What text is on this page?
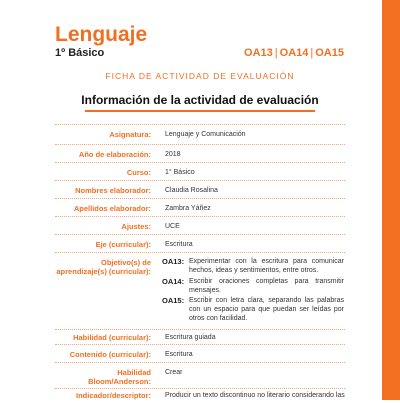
Lenguaje
1º Básico	OA13 | OA14 | OA15
FICHA DE ACTIVIDAD DE EVALUACIÓN
Información de la actividad de evaluación
Asignatura: Lenguaje y Comunicación
Año de elaboración: 2018
Curso: 1° Básico
Nombres elaborador: Claudia Rosalina
Apellidos elaborador: Zambra Yáñez
Ajustes: UCE
Eje (curricular): Escritura
Objetivo(s) de aprendizaje(s) (curricular):
OA13: Experimentar con la escritura para comunicar hechos, ideas y sentimientos, entre otros.
OA14: Escribir oraciones completas para transmitir mensajes.
OA15: Escribir con letra clara, separando las palabras con un espacio para que puedan ser leídas por otros con facilidad.
Habilidad (curricular): Escritura guiada
Contenido (curricular): Escritura
Habilidad Bloom/Anderson:
Crear
Indicador/descriptor: Producir un texto discontinuo no literario considerando las
